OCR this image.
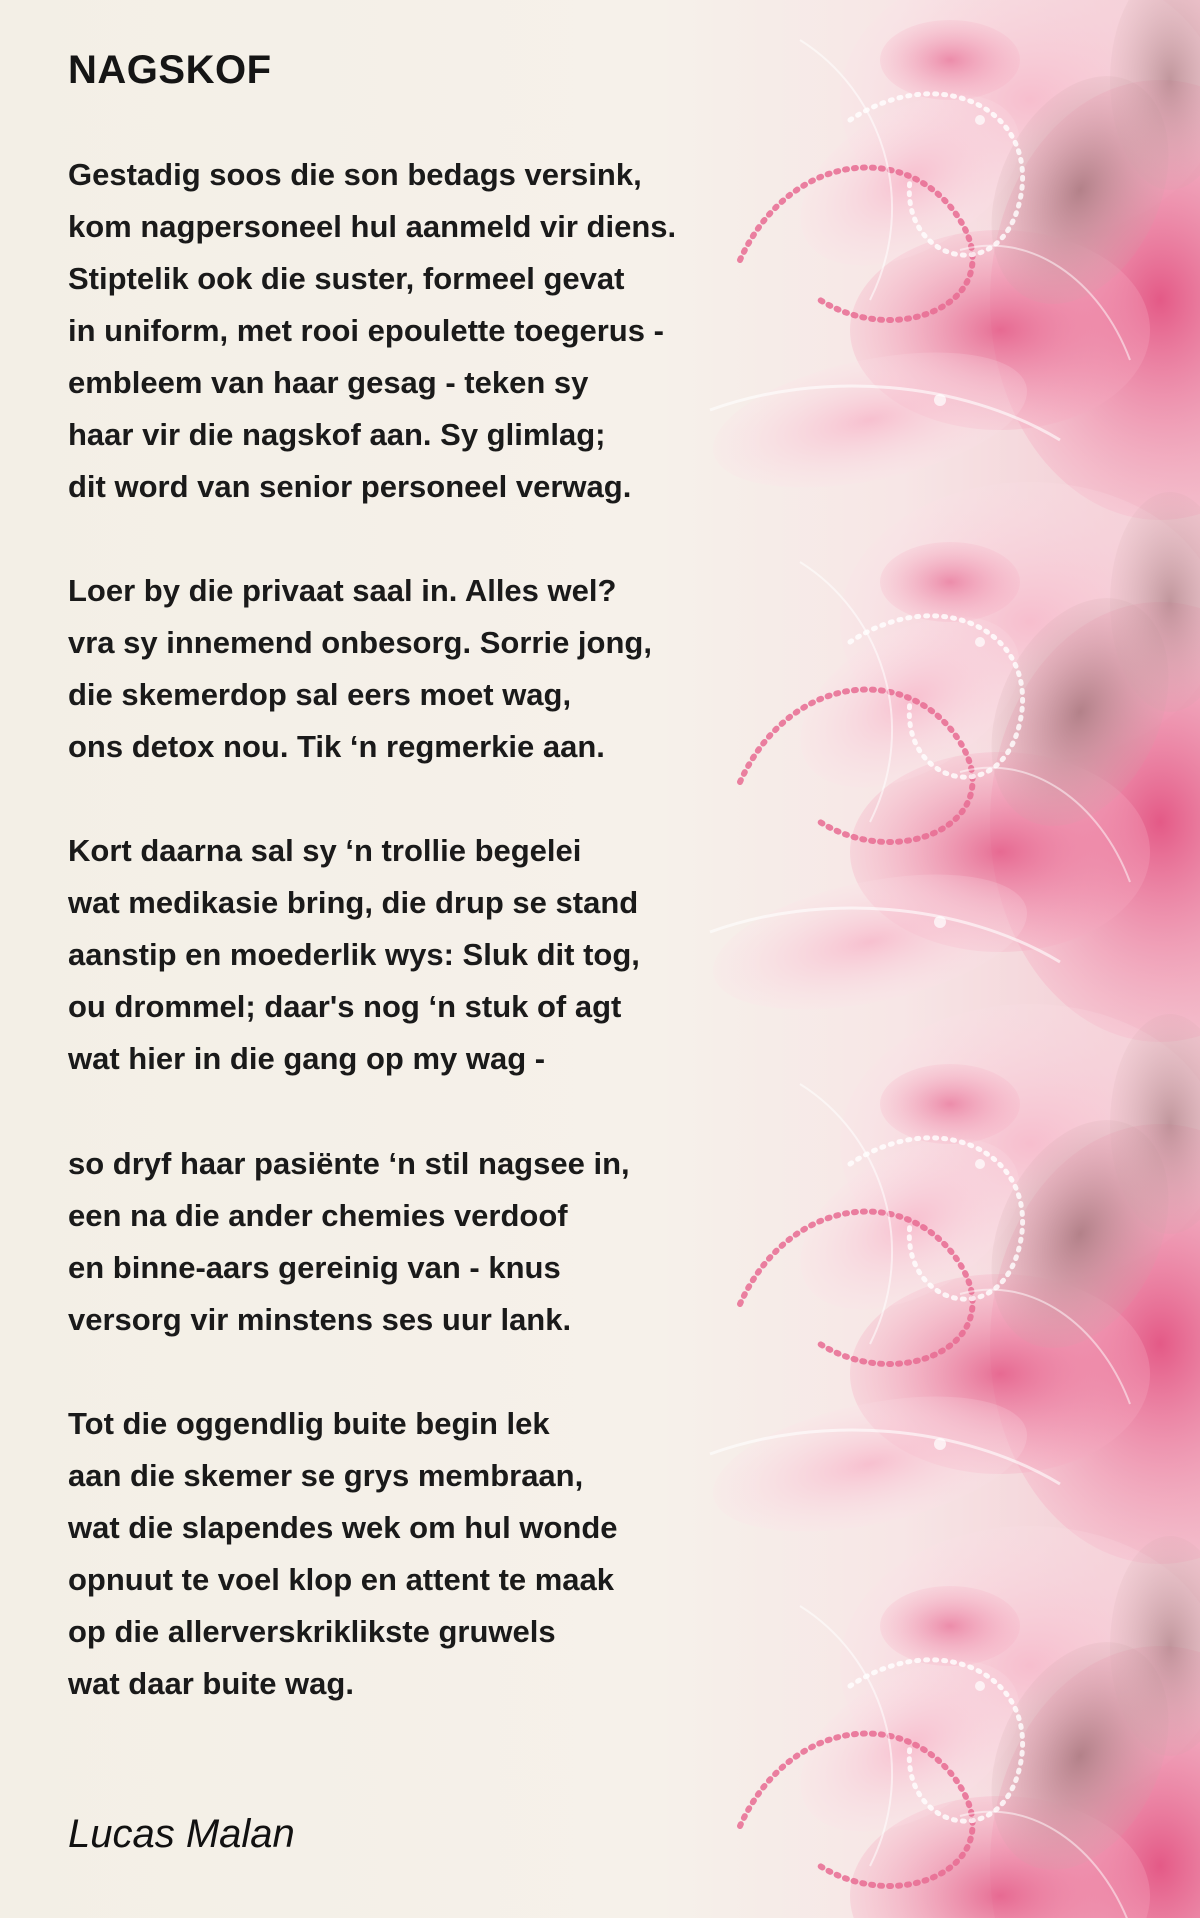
NAGSKOF
Gestadig soos die son bedags versink,
kom nagpersoneel hul aanmeld vir diens.
Stiptelik ook die suster, formeel gevat
in uniform, met rooi epoulette toegerus -
embleem van haar gesag - teken sy
haar vir die nagskof aan. Sy glimlag;
dit word van senior personeel verwag.
Loer by die privaat saal in. Alles wel?
vra sy innemend onbesorg. Sorrie jong,
die skemerdop sal eers moet wag,
ons detox nou. Tik ‘n regmerkie aan.
Kort daarna sal sy ‘n trollie begelei
wat medikasie bring, die drup se stand
aanstip en moederlik wys: Sluk dit tog,
ou drommel; daar's nog ‘n stuk of agt
wat hier in die gang op my wag -
so dryf haar pasiënte ‘n stil nagsee in,
een na die ander chemies verdoof
en binne-aars gereinig van - knus
versorg vir minstens ses uur lank.
Tot die oggendlig buite begin lek
aan die skemer se grys membraan,
wat die slapendes wek om hul wonde
opnuut te voel klop en attent te maak
op die allerverskriklikste gruwels
wat daar buite wag.
Lucas Malan
